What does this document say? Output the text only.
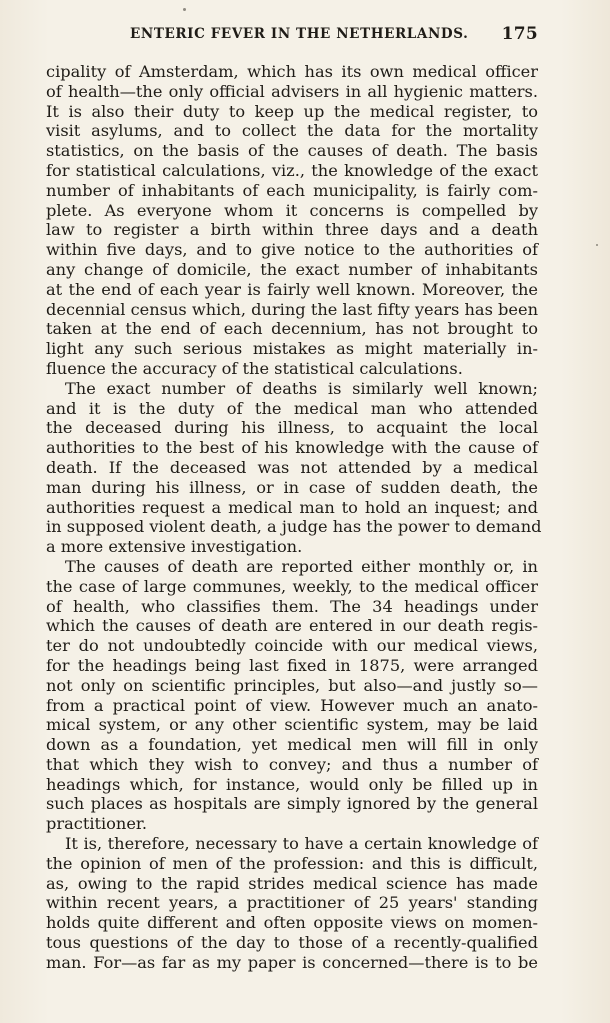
ENTERIC FEVER IN THE NETHERLANDS. 175
cipality of Amsterdam, which has its own medical officer
of health—the only official advisers in all hygienic matters.
It is also their duty to keep up the medical register, to
visit asylums, and to collect the data for the mortality
statistics, on the basis of the causes of death. The basis
for statistical calculations, viz., the knowledge of the exact
number of inhabitants of each municipality, is fairly com-
plete. As everyone whom it concerns is compelled by
law to register a birth within three days and a death
within five days, and to give notice to the authorities of
any change of domicile, the exact number of inhabitants
at the end of each year is fairly well known. Moreover, the
decennial census which, during the last fifty years has been
taken at the end of each decennium, has not brought to
light any such serious mistakes as might materially in-
fluence the accuracy of the statistical calculations.
The exact number of deaths is similarly well known;
and it is the duty of the medical man who attended
the deceased during his illness, to acquaint the local
authorities to the best of his knowledge with the cause of
death. If the deceased was not attended by a medical
man during his illness, or in case of sudden death, the
authorities request a medical man to hold an inquest; and
in supposed violent death, a judge has the power to demand
a more extensive investigation.
The causes of death are reported either monthly or, in
the case of large communes, weekly, to the medical officer
of health, who classifies them. The 34 headings under
which the causes of death are entered in our death regis-
ter do not undoubtedly coincide with our medical views,
for the headings being last fixed in 1875, were arranged
not only on scientific principles, but also—and justly so—
from a practical point of view. However much an anato-
mical system, or any other scientific system, may be laid
down as a foundation, yet medical men will fill in only
that which they wish to convey; and thus a number of
headings which, for instance, would only be filled up in
such places as hospitals are simply ignored by the general
practitioner.
It is, therefore, necessary to have a certain knowledge of
the opinion of men of the profession: and this is difficult,
as, owing to the rapid strides medical science has made
within recent years, a practitioner of 25 years' standing
holds quite different and often opposite views on momen-
tous questions of the day to those of a recently-qualified
man. For—as far as my paper is concerned—there is to be
